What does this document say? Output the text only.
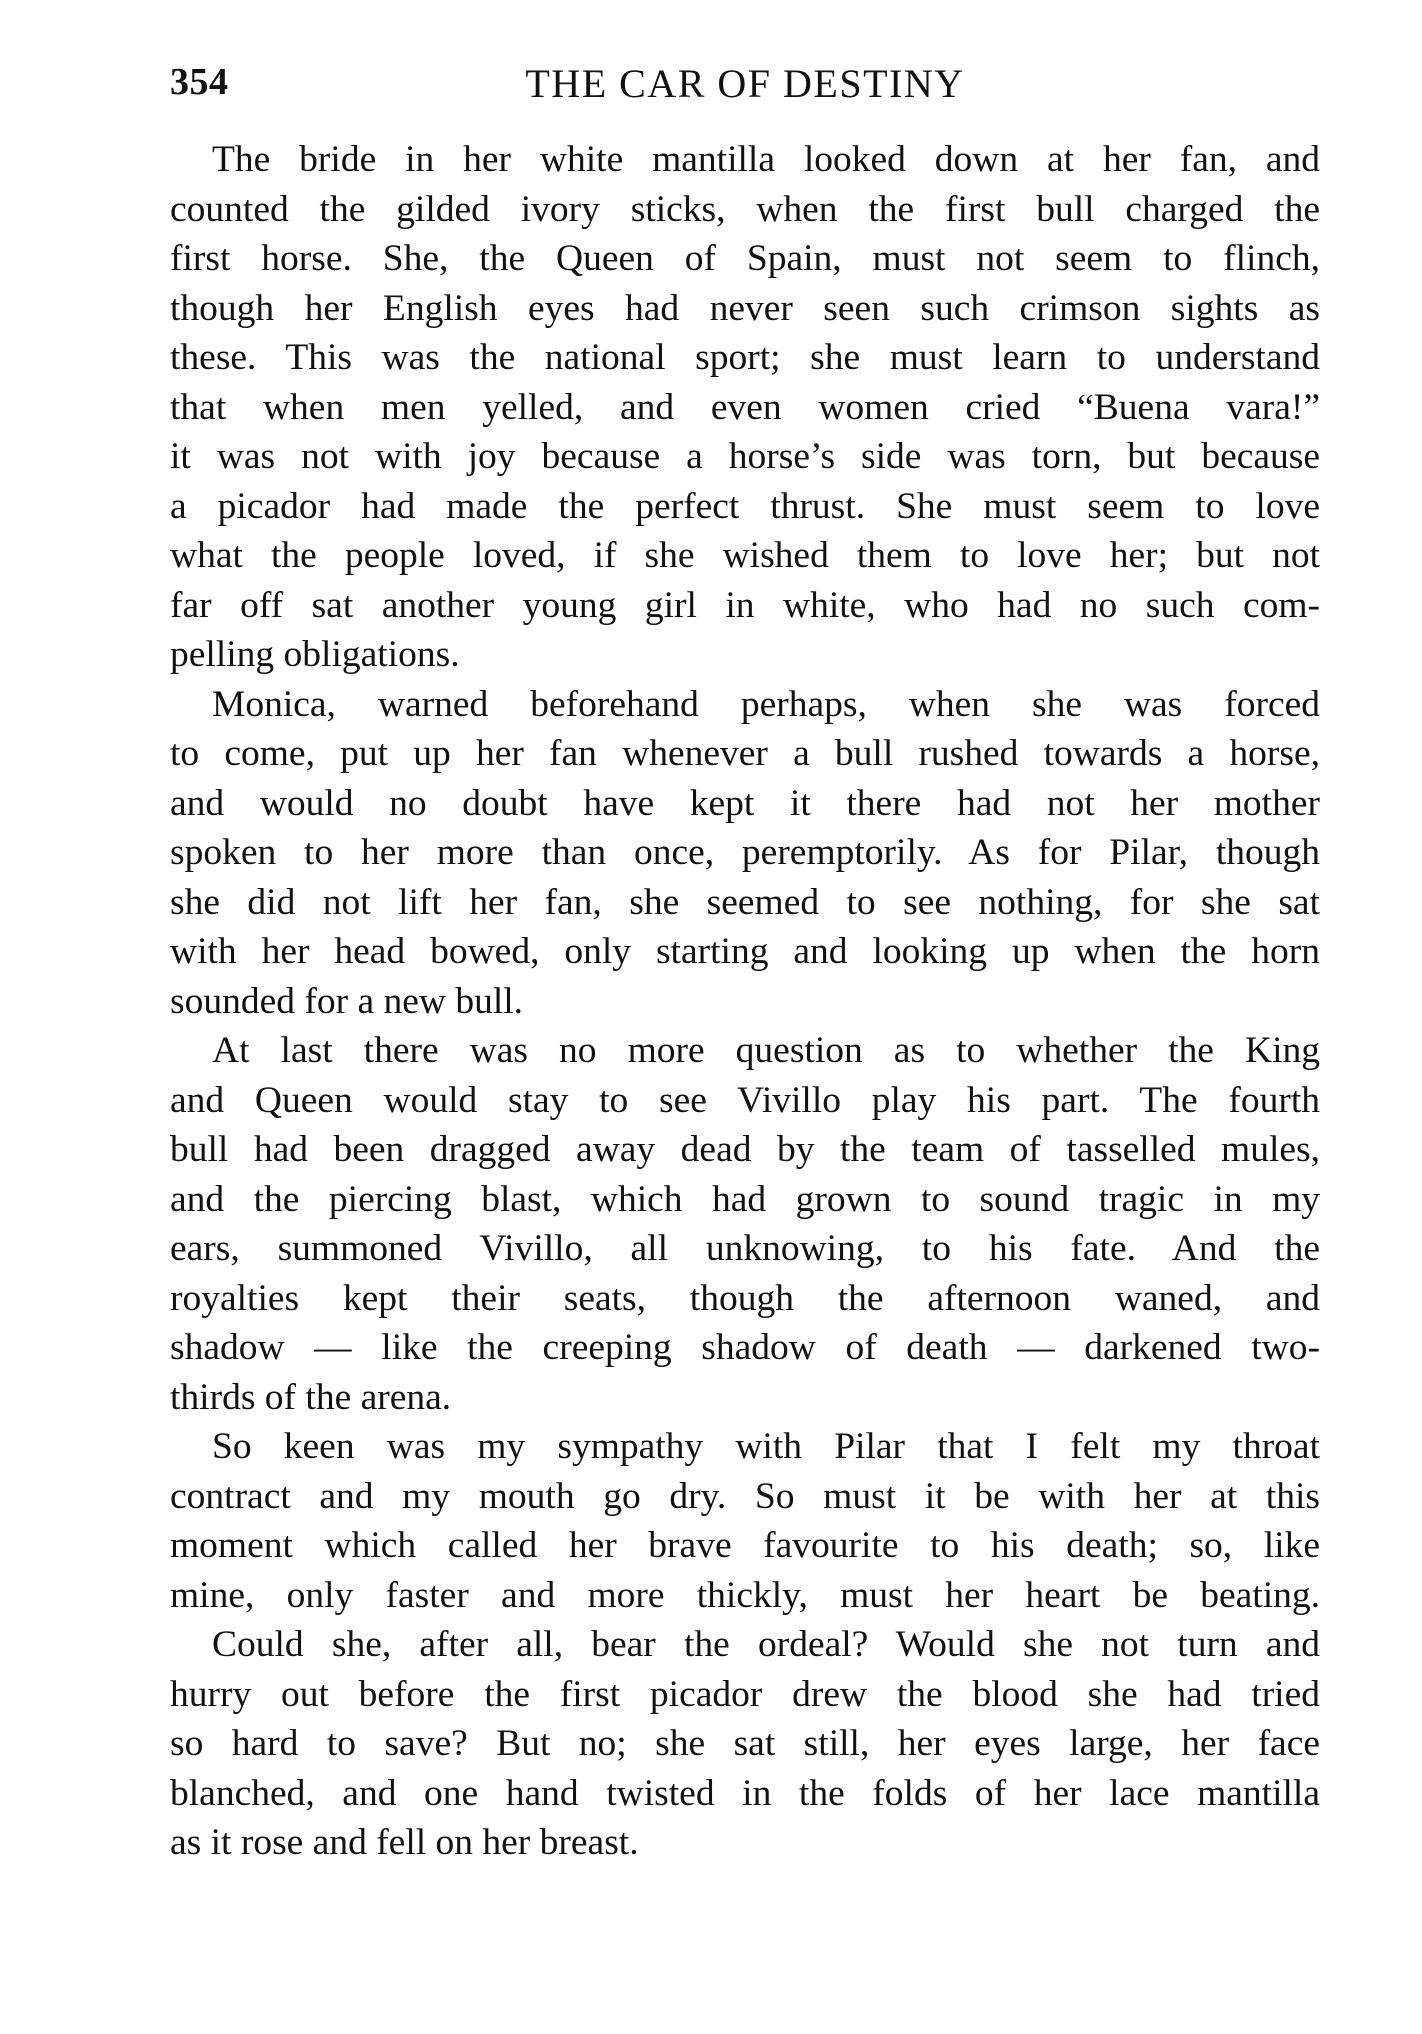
354	THE CAR OF DESTINY
The bride in her white mantilla looked down at her fan, and
counted the gilded ivory sticks, when the first bull charged the
first horse. She, the Queen of Spain, must not seem to flinch,
though her English eyes had never seen such crimson sights as
these. This was the national sport; she must learn to understand
that when men yelled, and even women cried “Buena vara!”
it was not with joy because a horse’s side was torn, but because
a picador had made the perfect thrust. She must seem to love
what the people loved, if she wished them to love her; but not
far off sat another young girl in white, who had no such com-
pelling obligations.
Monica, warned beforehand perhaps, when she was forced
to come, put up her fan whenever a bull rushed towards a horse,
and would no doubt have kept it there had not her mother
spoken to her more than once, peremptorily. As for Pilar, though
she did not lift her fan, she seemed to see nothing, for she sat
with her head bowed, only starting and looking up when the horn
sounded for a new bull.
At last there was no more question as to whether the King
and Queen would stay to see Vivillo play his part. The fourth
bull had been dragged away dead by the team of tasselled mules,
and the piercing blast, which had grown to sound tragic in my
ears, summoned Vivillo, all unknowing, to his fate. And the
royalties kept their seats, though the afternoon waned, and
shadow — like the creeping shadow of death — darkened two-
thirds of the arena.
So keen was my sympathy with Pilar that I felt my throat
contract and my mouth go dry. So must it be with her at this
moment which called her brave favourite to his death; so, like
mine, only faster and more thickly, must her heart be beating.
Could she, after all, bear the ordeal? Would she not turn and
hurry out before the first picador drew the blood she had tried
so hard to save? But no; she sat still, her eyes large, her face
blanched, and one hand twisted in the folds of her lace mantilla
as it rose and fell on her breast.
